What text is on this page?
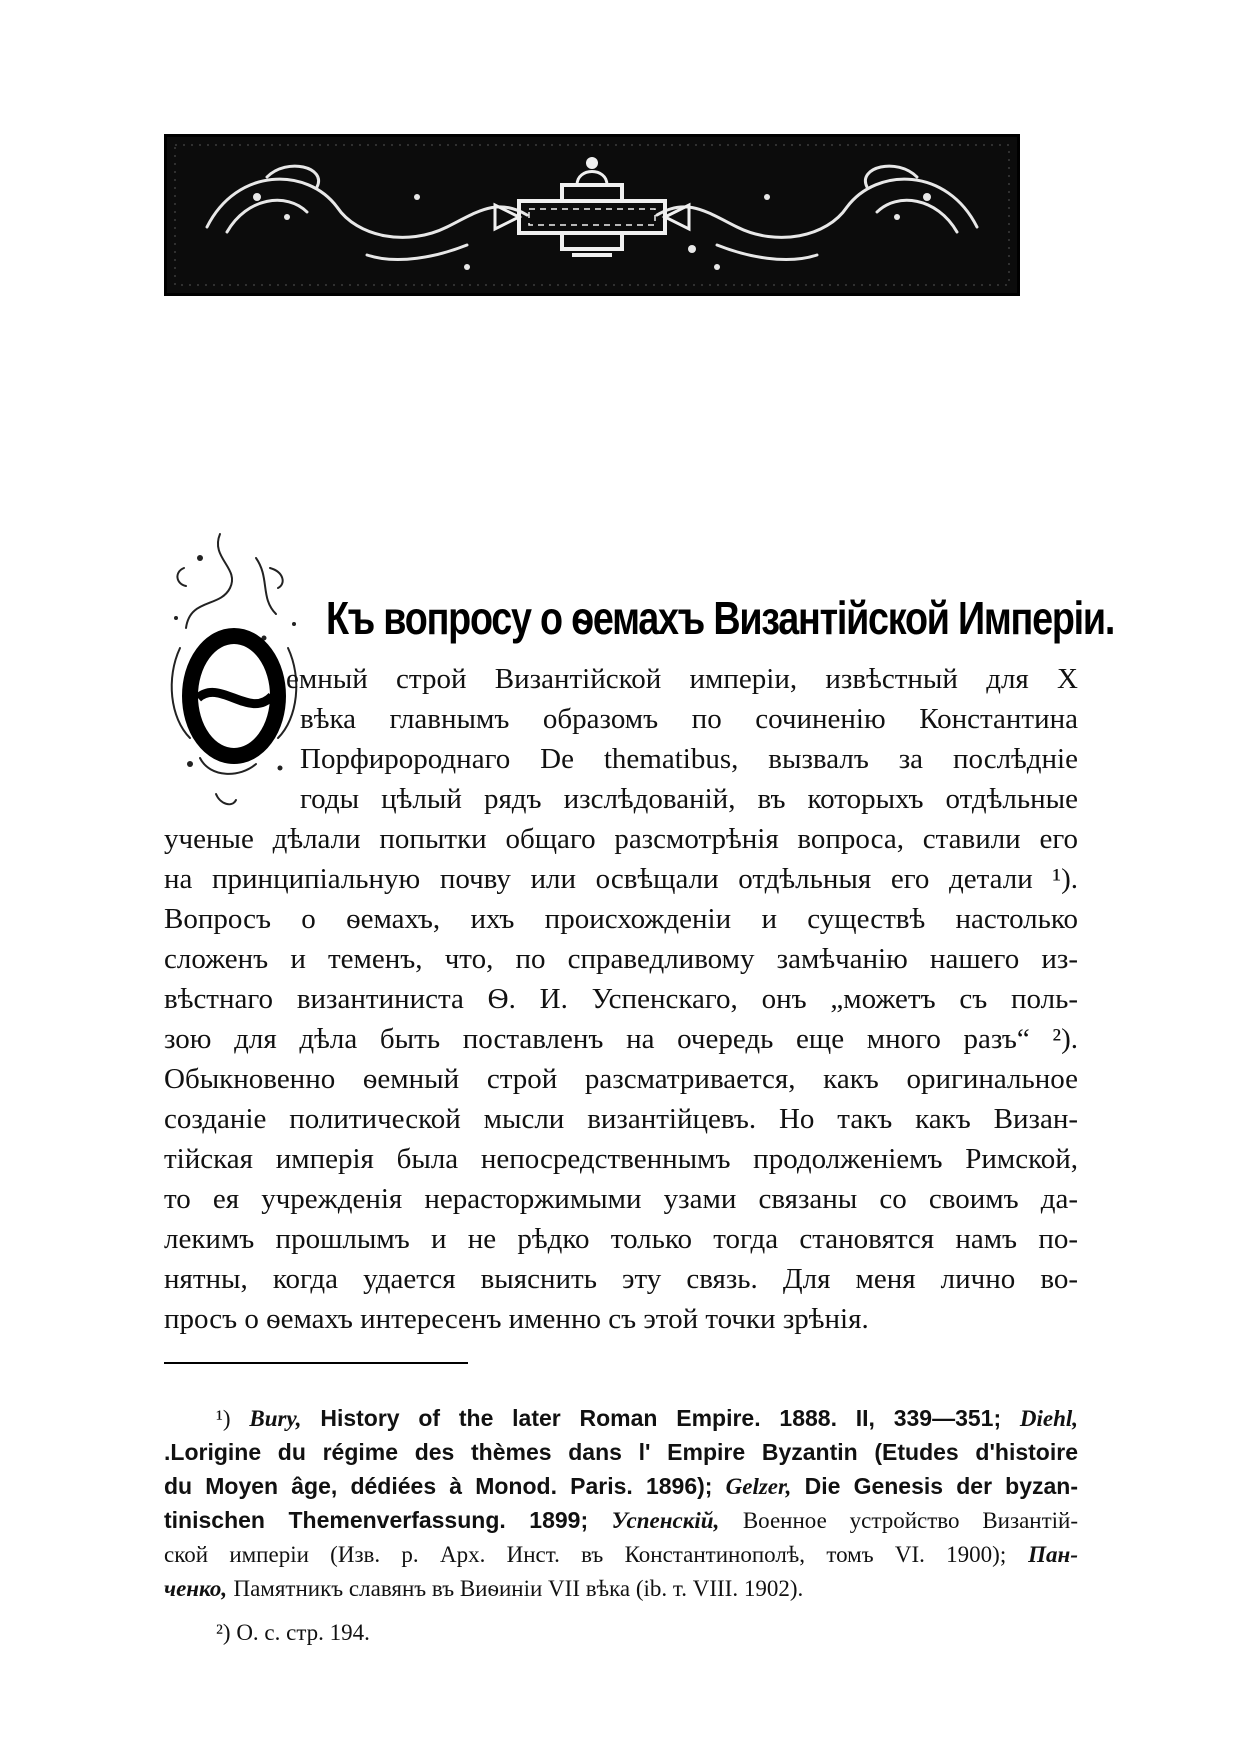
Къ вопросу о ѳемахъ Византійской Имперіи.
емный строй Византійской имперіи, извѣстный для X
вѣка главнымъ образомъ по сочиненію Константина
Порфиророднаго De thematibus, вызвалъ за послѣдніе
годы цѣлый рядъ изслѣдованій, въ которыхъ отдѣльные
ученые дѣлали попытки общаго разсмотрѣнія вопроса, ставили его
на принципіальную почву или освѣщали отдѣльныя его детали ¹).
Вопросъ о ѳемахъ, ихъ происхожденіи и существѣ настолько
сложенъ и теменъ, что, по справедливому замѣчанію нашего из-
вѣстнаго византиниста Ѳ. И. Успенскаго, онъ „можетъ съ поль-
зою для дѣла быть поставленъ на очередь еще много разъ“ ²).
Обыкновенно ѳемный строй разсматривается, какъ оригинальное
созданіе политической мысли византійцевъ. Но такъ какъ Визан-
тійская имперія была непосредственнымъ продолженіемъ Римской,
то ея учрежденія нерасторжимыми узами связаны со своимъ да-
лекимъ прошлымъ и не рѣдко только тогда становятся намъ по-
нятны, когда удается выяснить эту связь. Для меня лично во-
просъ о ѳемахъ интересенъ именно съ этой точки зрѣнія.
¹) Bury, History of the later Roman Empire. 1888. II, 339—351; Diehl,
.Lorigine du régime des thèmes dans l' Empire Byzantin (Etudes d'histoire
du Moyen âge, dédiées à Monod. Paris. 1896); Gelzer, Die Genesis der byzan-
tinischen Themenverfassung. 1899; Успенскій, Военное устройство Византій-
ской имперіи (Изв. р. Арх. Инст. въ Константинополѣ, томъ VI. 1900); Пан-
ченко, Памятникъ славянъ въ Виѳиніи VII вѣка (ib. т. VIII. 1902).
²) О. с. стр. 194.
